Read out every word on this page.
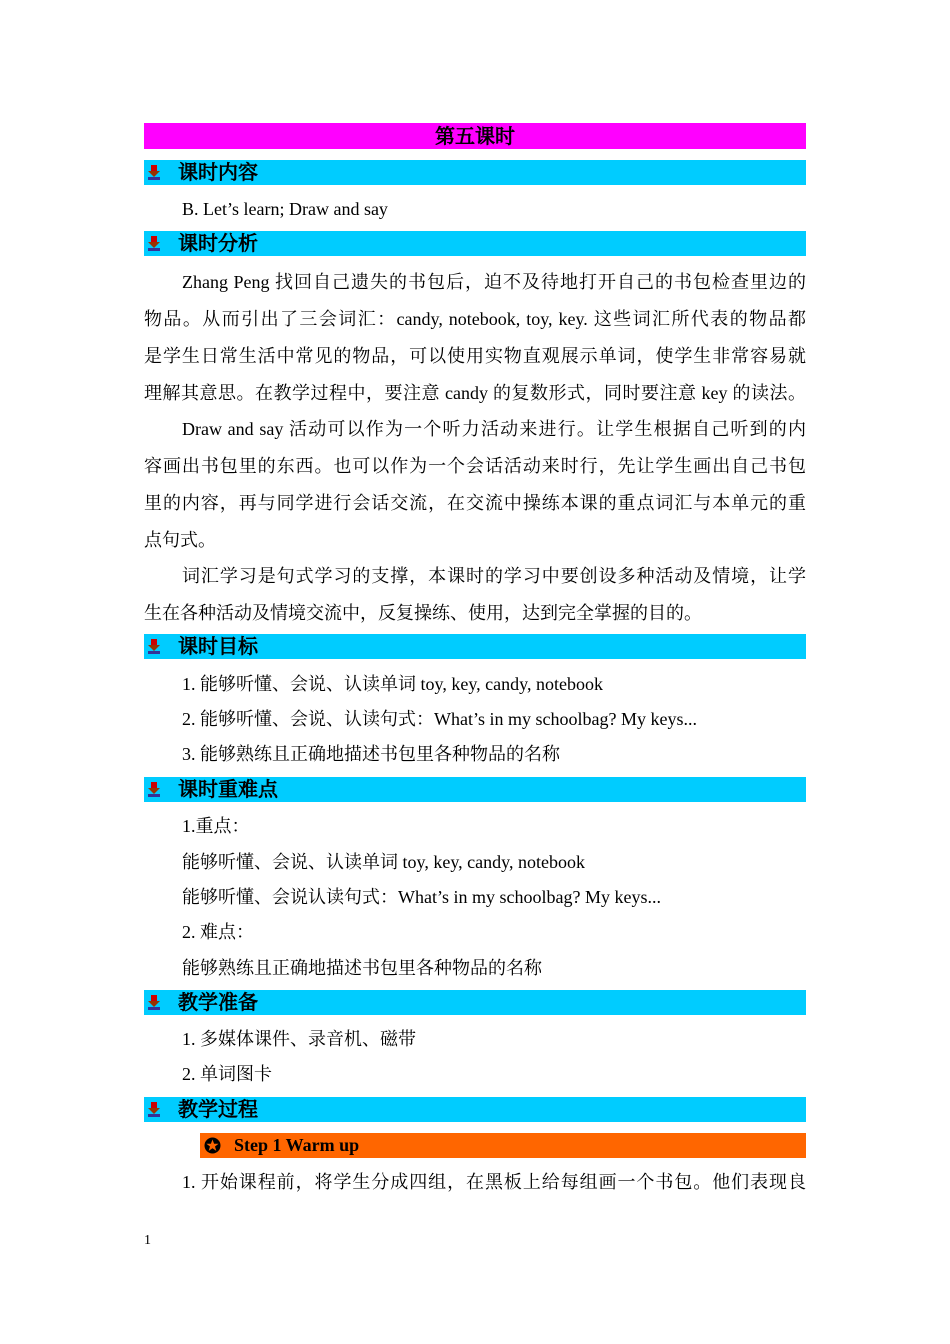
第五课时
课时内容
B. Let’s learn; Draw and say
课时分析
Zhang Peng 找回自己遗失的书包后，迫不及待地打开自己的书包检查里边的
物品。从而引出了三会词汇：candy, notebook, toy, key. 这些词汇所代表的物品都
是学生日常生活中常见的物品，可以使用实物直观展示单词，使学生非常容易就
理解其意思。在教学过程中，要注意 candy 的复数形式，同时要注意 key 的读法。
Draw and say 活动可以作为一个听力活动来进行。让学生根据自己听到的内
容画出书包里的东西。也可以作为一个会话活动来时行，先让学生画出自己书包
里的内容，再与同学进行会话交流，在交流中操练本课的重点词汇与本单元的重
点句式。
词汇学习是句式学习的支撑，本课时的学习中要创设多种活动及情境，让学
生在各种活动及情境交流中，反复操练、使用，达到完全掌握的目的。
课时目标
1. 能够听懂、会说、认读单词 toy, key, candy, notebook
2. 能够听懂、会说、认读句式：What’s in my schoolbag? My keys...
3. 能够熟练且正确地描述书包里各种物品的名称
课时重难点
1.重点：
能够听懂、会说、认读单词 toy, key, candy, notebook
能够听懂、会说认读句式：What’s in my schoolbag? My keys...
2. 难点：
能够熟练且正确地描述书包里各种物品的名称
教学准备
1. 多媒体课件、录音机、磁带
2. 单词图卡
教学过程
Step 1 Warm up
1. 开始课程前，将学生分成四组，在黑板上给每组画一个书包。他们表现良
1
